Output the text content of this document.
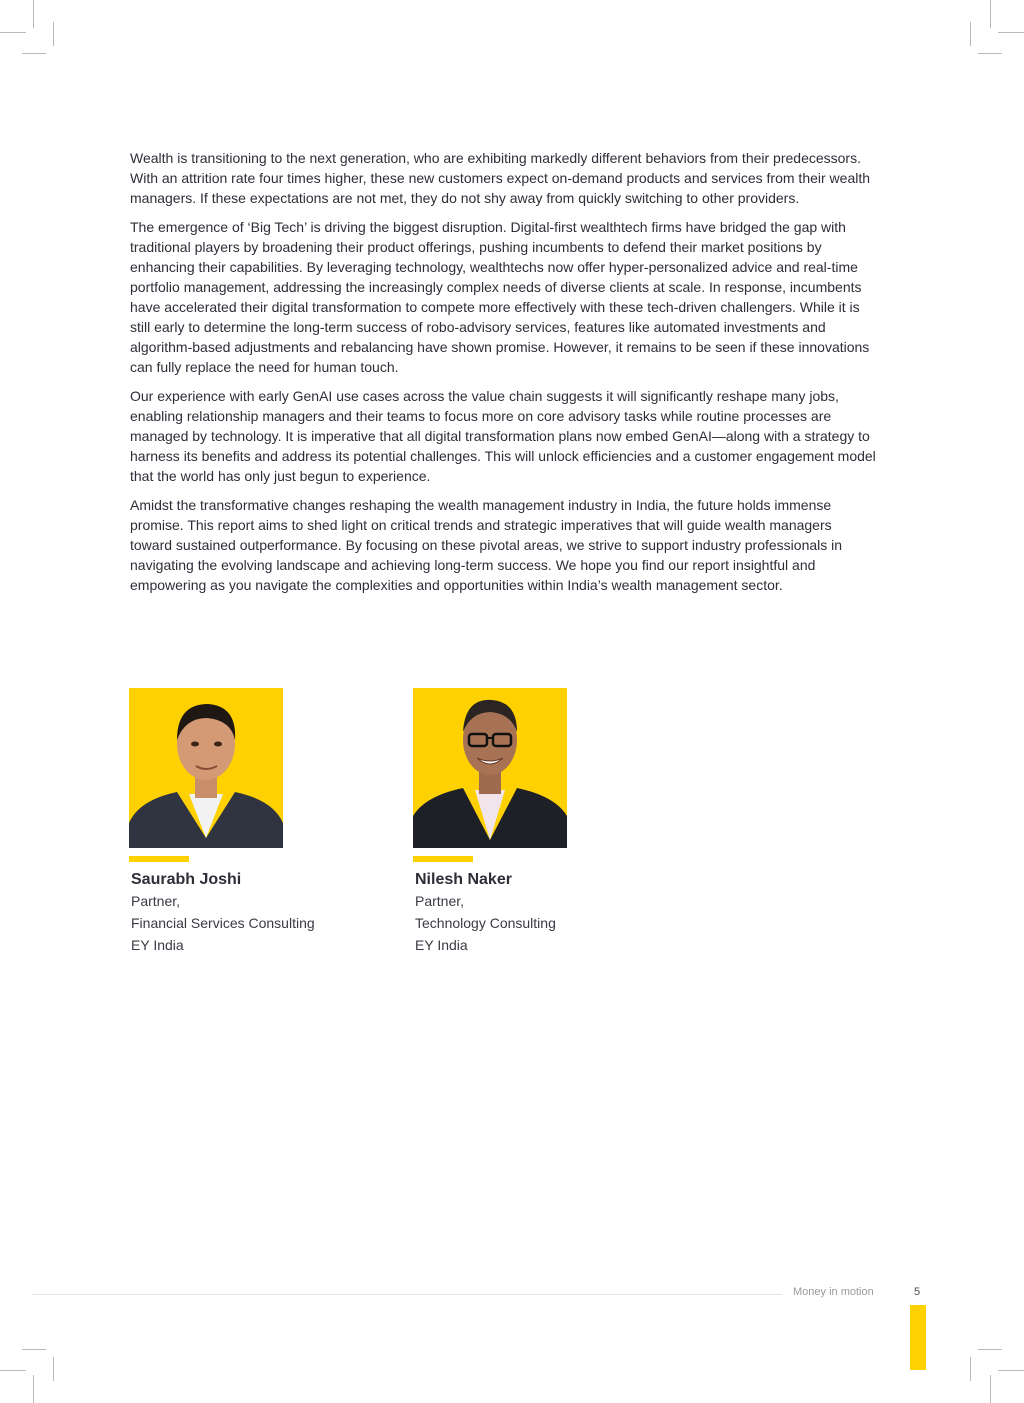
Wealth is transitioning to the next generation, who are exhibiting markedly different behaviors from their predecessors. With an attrition rate four times higher, these new customers expect on-demand products and services from their wealth managers. If these expectations are not met, they do not shy away from quickly switching to other providers.

The emergence of ‘Big Tech’ is driving the biggest disruption. Digital-first wealthtech firms have bridged the gap with traditional players by broadening their product offerings, pushing incumbents to defend their market positions by enhancing their capabilities. By leveraging technology, wealthtechs now offer hyper-personalized advice and real-time portfolio management, addressing the increasingly complex needs of diverse clients at scale. In response, incumbents have accelerated their digital transformation to compete more effectively with these tech-driven challengers. While it is still early to determine the long-term success of robo-advisory services, features like automated investments and algorithm-based adjustments and rebalancing have shown promise. However, it remains to be seen if these innovations can fully replace the need for human touch.

Our experience with early GenAI use cases across the value chain suggests it will significantly reshape many jobs, enabling relationship managers and their teams to focus more on core advisory tasks while routine processes are managed by technology. It is imperative that all digital transformation plans now embed GenAI—along with a strategy to harness its benefits and address its potential challenges. This will unlock efficiencies and a customer engagement model that the world has only just begun to experience.

Amidst the transformative changes reshaping the wealth management industry in India, the future holds immense promise. This report aims to shed light on critical trends and strategic imperatives that will guide wealth managers toward sustained outperformance. By focusing on these pivotal areas, we strive to support industry professionals in navigating the evolving landscape and achieving long-term success. We hope you find our report insightful and empowering as you navigate the complexities and opportunities within India’s wealth management sector.

Saurabh Joshi
Partner,
Financial Services Consulting
EY India
Nilesh Naker
Partner,
Technology Consulting
EY India
Money in motion	5
